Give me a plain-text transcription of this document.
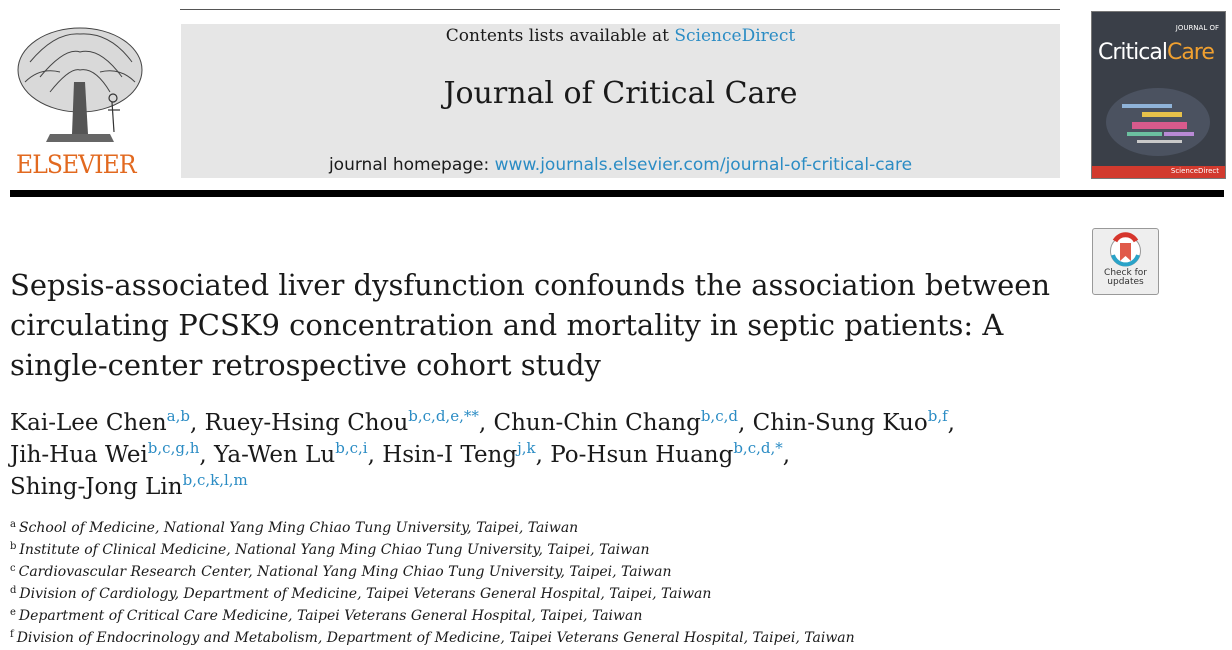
ELSEVIER
Contents lists available at ScienceDirect
Journal of Critical Care
journal homepage: www.journals.elsevier.com/journal-of-critical-care
JOURNAL OF
CriticalCare
ScienceDirect
Check for
updates
Sepsis-associated liver dysfunction confounds the association between circulating PCSK9 concentration and mortality in septic patients: A single-center retrospective cohort study
Kai-Lee Chen$^{a,b}$, Ruey-Hsing Chou$^{b,c,d,e,**}$, Chun-Chin Chang$^{b,c,d}$, Chin-Sung Kuo$^{b,f}$,
Jih-Hua Wei$^{b,c,g,h}$, Ya-Wen Lu$^{b,c,i}$, Hsin-I Teng$^{j,k}$, Po-Hsun Huang$^{b,c,d,*}$,
Shing-Jong Lin$^{b,c,k,l,m}$
$^a$ School of Medicine, National Yang Ming Chiao Tung University, Taipei, Taiwan
$^b$ Institute of Clinical Medicine, National Yang Ming Chiao Tung University, Taipei, Taiwan
$^c$ Cardiovascular Research Center, National Yang Ming Chiao Tung University, Taipei, Taiwan
$^d$ Division of Cardiology, Department of Medicine, Taipei Veterans General Hospital, Taipei, Taiwan
$^e$ Department of Critical Care Medicine, Taipei Veterans General Hospital, Taipei, Taiwan
$^f$ Division of Endocrinology and Metabolism, Department of Medicine, Taipei Veterans General Hospital, Taipei, Taiwan
